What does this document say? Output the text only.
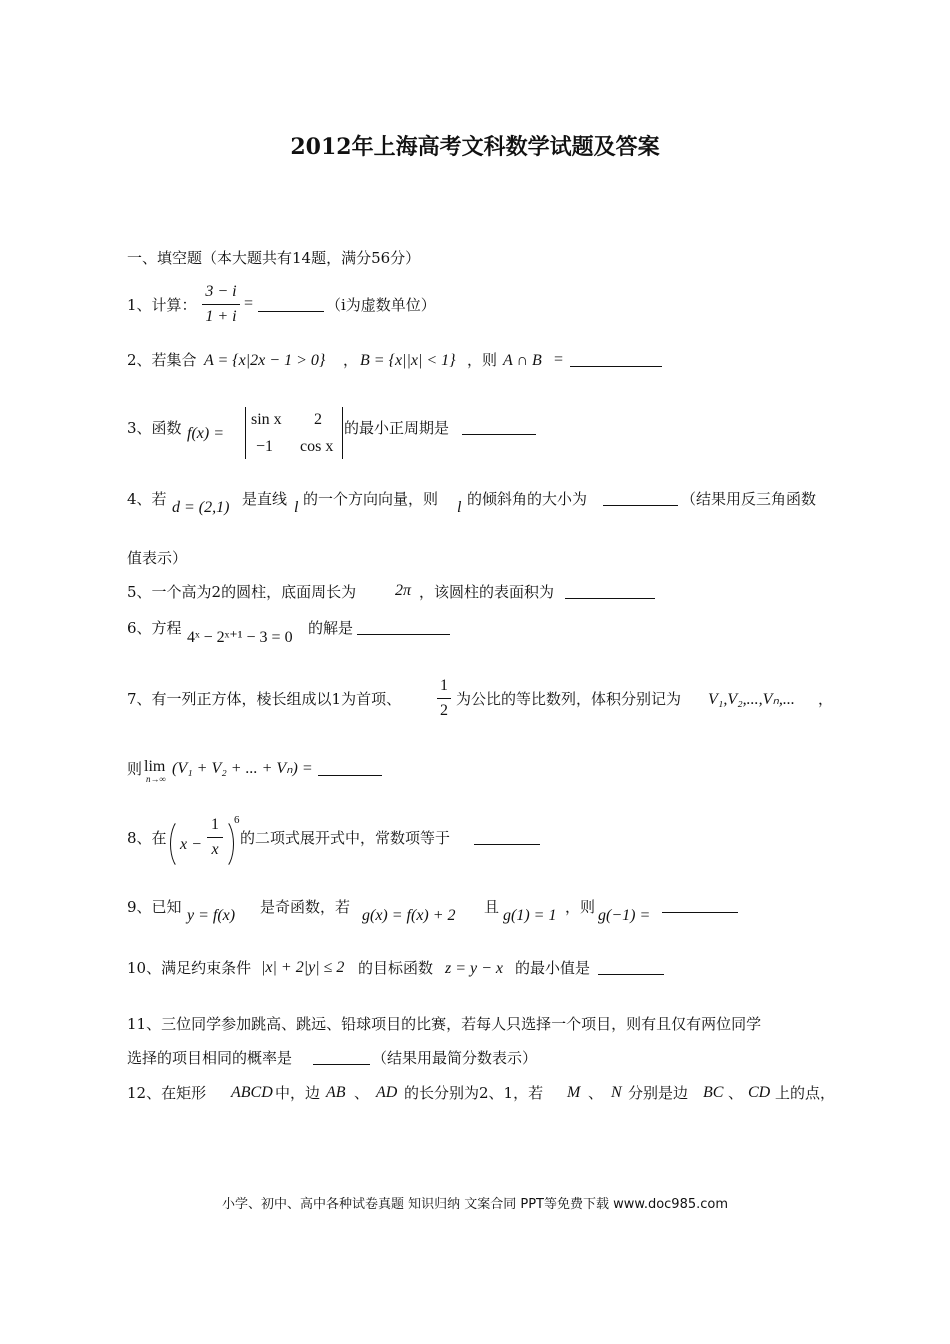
2012年上海高考文科数学试题及答案
一、填空题（本大题共有14题，满分56分）
1、计算：
3 − i
1 + i
=	（i为虚数单位）
2、若集合 A = {x|2x − 1 > 0} ， B = {x||x| < 1} ，则 A ∩ B =
3、函数 f(x) =
sin x 2
−1 cos x
的最小正周期是
4、若 d = (2,1) 是直线 l 的一个方向向量，则 l 的倾斜角的大小为	（结果用反三角函数
值表示）
5、一个高为2的圆柱，底面周长为 2π ，该圆柱的表面积为
6、方程
4ˣ − 2ˣ⁺¹ − 3 = 0
的解是
7、有一列正方体，棱长组成以1为首项、
1
2
为公比的等比数列，体积分别记为 V₁,V₂,...,Vₙ,... ，
则 lim
n→∞
(V₁ + V₂ + ... + Vₙ) =
8、在 x −
1
x
6
的二项式展开式中，常数项等于
9、已知 y = f(x) 是奇函数，若 g(x) = f(x) + 2 且 g(1) = 1 ，则 g(−1) =
10、满足约束条件 |x| + 2|y| ≤ 2 的目标函数 z = y − x 的最小值是
11、三位同学参加跳高、跳远、铅球项目的比赛，若每人只选择一个项目，则有且仅有两位同学
选择的项目相同的概率是	（结果用最简分数表示）
12、在矩形 ABCD 中，边 AB 、 AD 的长分别为2、1，若 M 、 N 分别是边 BC 、 CD 上的点，
小学、初中、高中各种试卷真题 知识归纳 文案合同 PPT等免费下载 www.doc985.com
